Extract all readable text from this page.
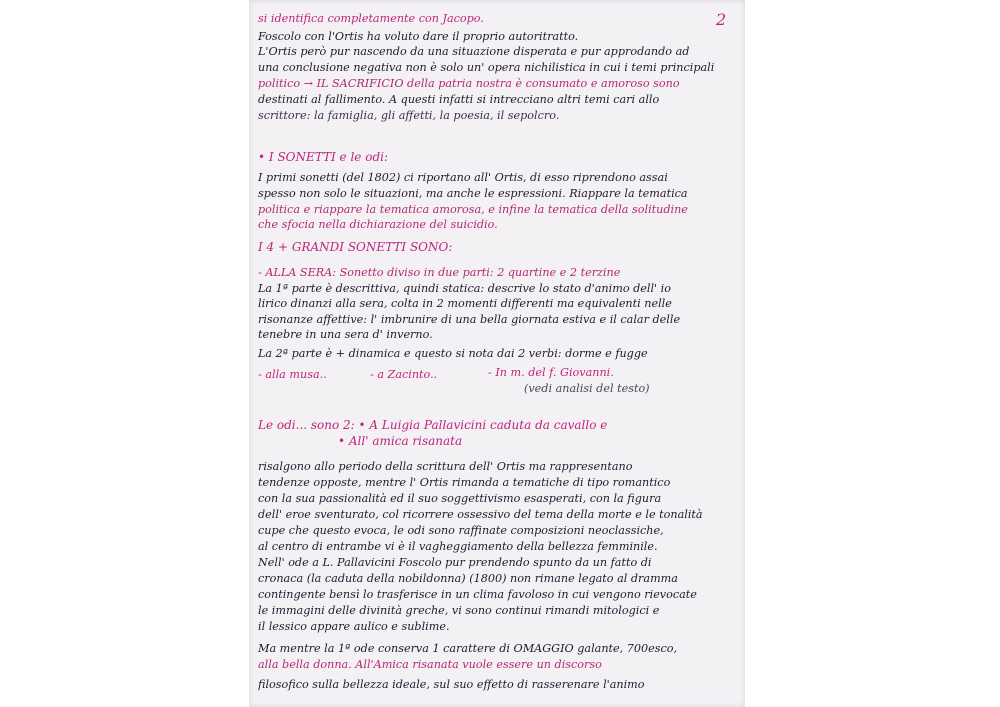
2
si identifica completamente con Jacopo.
Foscolo con l'Ortis ha voluto dare il proprio autoritratto.
L'Ortis però pur nascendo da una situazione disperata e pur approdando ad
una conclusione negativa non è solo un' opera nichilistica in cui i temi principali
politico → IL SACRIFICIO della patria nostra è consumato e amoroso sono
destinati al fallimento. A questi infatti si intrecciano altri temi cari allo
scrittore: la famiglia, gli affetti, la poesia, il sepolcro.
• I SONETTI e le odi:
I primi sonetti (del 1802) ci riportano all' Ortis, di esso riprendono assai
spesso non solo le situazioni, ma anche le espressioni. Riappare la tematica
politica e riappare la tematica amorosa, e infine la tematica della solitudine
che sfocia nella dichiarazione del suicidio.
I 4 + GRANDI SONETTI SONO:
- ALLA SERA: Sonetto diviso in due parti: 2 quartine e 2 terzine
La 1ª parte è descrittiva, quindi statica: descrive lo stato d'animo dell' io
lirico dinanzi alla sera, colta in 2 momenti differenti ma equivalenti nelle
risonanze affettive: l' imbrunire di una bella giornata estiva e il calar delle
tenebre in una sera d' inverno.
La 2ª parte è + dinamica e questo si nota dai 2 verbi: dorme e fugge
- alla musa..	- a Zacinto..	- In m. del f. Giovanni.
(vedi analisi del testo)
Le odi... sono 2: • A Luigia Pallavicini caduta da cavallo e
• All' amica risanata
risalgono allo periodo della scrittura dell' Ortis ma rappresentano
tendenze opposte, mentre l' Ortis rimanda a tematiche di tipo romantico
con la sua passionalità ed il suo soggettivismo esasperati, con la figura
dell' eroe sventurato, col ricorrere ossessivo del tema della morte e le tonalità
cupe che questo evoca, le odi sono raffinate composizioni neoclassiche,
al centro di entrambe vi è il vagheggiamento della bellezza femminile.
Nell' ode a L. Pallavicini Foscolo pur prendendo spunto da un fatto di
cronaca (la caduta della nobildonna) (1800) non rimane legato al dramma
contingente bensì lo trasferisce in un clima favoloso in cui vengono rievocate
le immagini delle divinità greche, vi sono continui rimandi mitologici e
il lessico appare aulico e sublime.
Ma mentre la 1ª ode conserva 1 carattere di OMAGGIO galante, 700esco,
alla bella donna. All'Amica risanata vuole essere un discorso
filosofico sulla bellezza ideale, sul suo effetto di rasserenare l'animo
